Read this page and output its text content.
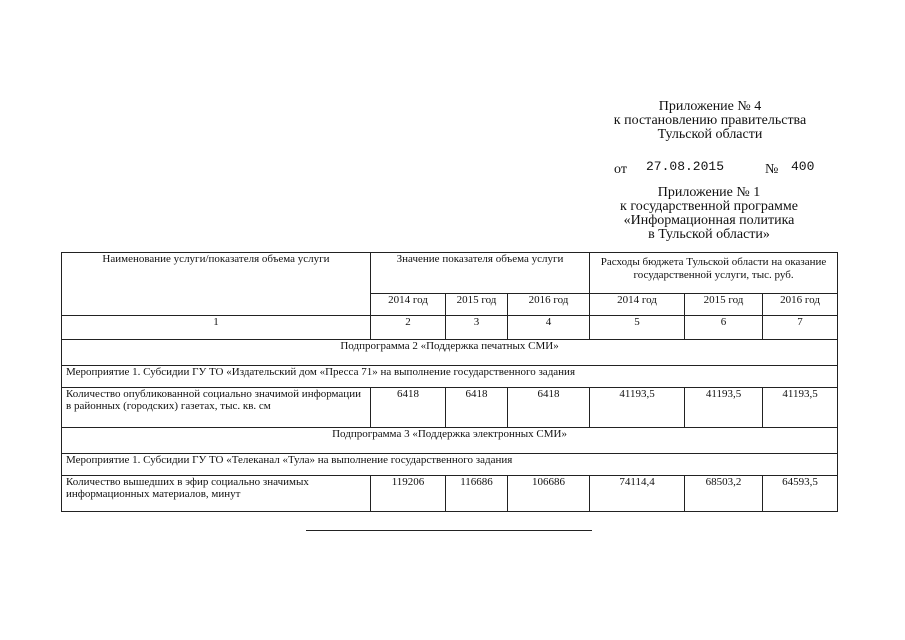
Приложение № 4
к постановлению правительства
Тульской области
от 27.08.2015	№ 400
Приложение № 1
к государственной программе
«Информационная политика
в Тульской области»
Наименование услуги/показателя объема услуги	Значение показателя объема услуги			Расходы бюджета Тульской области на оказание государственной услуги, тыс. руб.		
	2014 год	2015 год	2016 год	2014 год	2015 год	2016 год
1	2	3	4	5	6	7
Подпрограмма 2 «Поддержка печатных СМИ»						
Мероприятие 1. Субсидии ГУ ТО «Издательский дом «Пресса 71» на выполнение государственного задания						
Количество опубликованной социально значимой информации в районных (городских) газетах, тыс. кв. см	6418	6418	6418	41193,5	41193,5	41193,5
Подпрограмма 3 «Поддержка электронных СМИ»						
Мероприятие 1. Субсидии ГУ ТО «Телеканал «Тула» на выполнение государственного задания						
Количество вышедших в эфир социально значимых информационных материалов, минут	119206	116686	106686	74114,4	68503,2	64593,5
